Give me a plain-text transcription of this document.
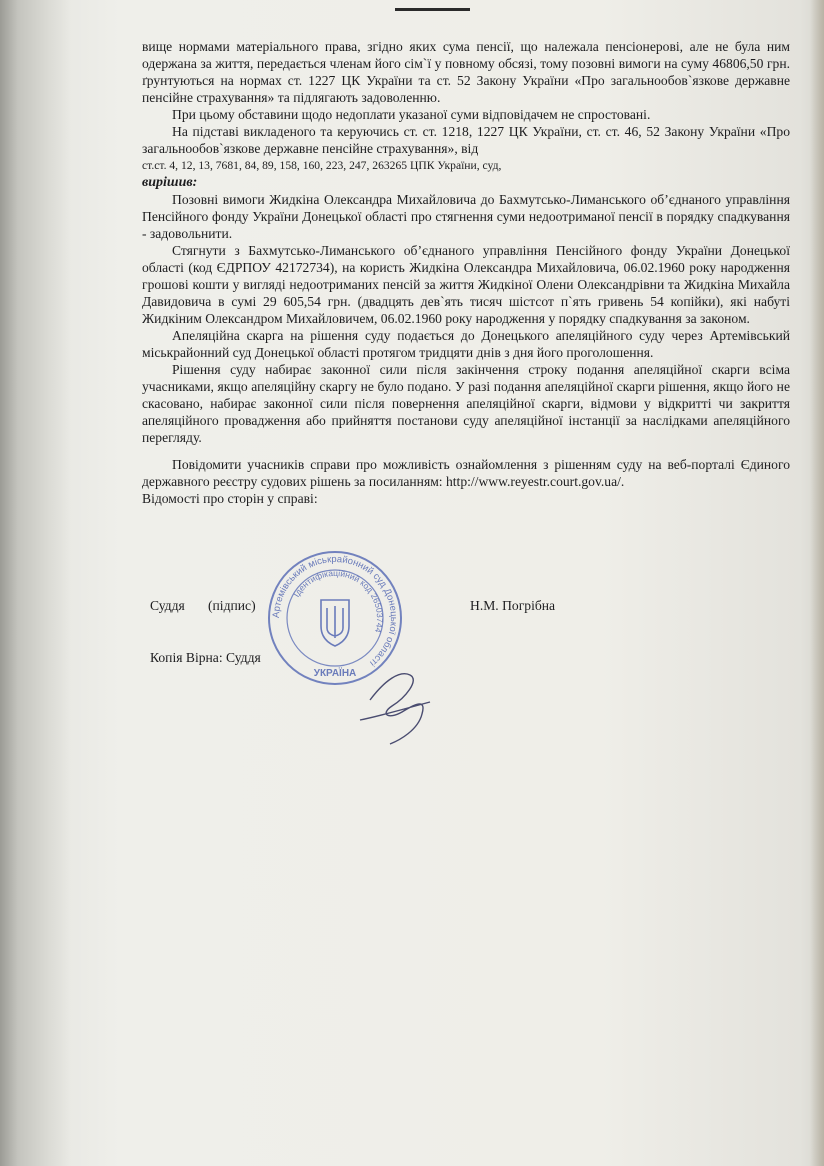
вище нормами матеріального права, згідно яких сума пенсії, що належала пенсіонерові, але не була ним одержана за життя, передається членам його сім`ї у повному обсязі, тому позовні вимоги на суму 46806,50 грн. ґрунтуються на нормах ст. 1227 ЦК України та ст. 52 Закону України «Про загальнообов`язкове державне пенсійне страхування» та підлягають задоволенню.

При цьому обставини щодо недоплати указаної суми відповідачем не спростовані.

На підставі викладеного та керуючись ст. ст. 1218, 1227 ЦК України, ст. ст. 46, 52 Закону України «Про загальнообов`язкове державне пенсійне страхування», від

ст.ст. 4, 12, 13, 7681, 84, 89, 158, 160, 223, 247, 263265 ЦПК України, суд,

вирішив:

Позовні вимоги Жидкіна Олександра Михайловича до Бахмутсько-Лиманського об’єднаного управління Пенсійного фонду України Донецької області про стягнення суми недоотриманої пенсії в порядку спадкування - задовольнити.

Стягнути з Бахмутсько-Лиманського об’єднаного управління Пенсійного фонду України Донецької області (код ЄДРПОУ 42172734), на користь Жидкіна Олександра Михайловича, 06.02.1960 року народження грошові кошти у вигляді недоотриманих пенсій за життя Жидкіної Олени Олександрівни та Жидкіна Михайла Давидовича в сумі 29 605,54 грн. (двадцять дев`ять тисяч шістсот п`ять гривень 54 копійки), які набуті Жидкіним Олександром Михайловичем, 06.02.1960 року народження у порядку спадкування за законом.

Апеляційна скарга на рішення суду подається до Донецького апеляційного суду через Артемівський міськрайонний суд Донецької області протягом тридцяти днів з дня його проголошення.

Рішення суду набирає законної сили після закінчення строку подання апеляційної скарги всіма учасниками, якщо апеляційну скаргу не було подано. У разі подання апеляційної скарги рішення, якщо його не скасовано, набирає законної сили після повернення апеляційної скарги, відмови у відкритті чи закриття апеляційного провадження або прийняття постанови суду апеляційної інстанції за наслідками апеляційного перегляду.

Повідомити учасників справи про можливість ознайомлення з рішенням суду на веб-порталі Єдиного державного реєстру судових рішень за посиланням: http://www.reyestr.court.gov.ua/.

Відомості про сторін у справі:

Суддя (підпис)	Н.М. Погрібна
Копія Вірна: Суддя
Артемівський міськрайонний суд Донецької області
Ідентифікаційний код 26503744
УКРАЇНА
